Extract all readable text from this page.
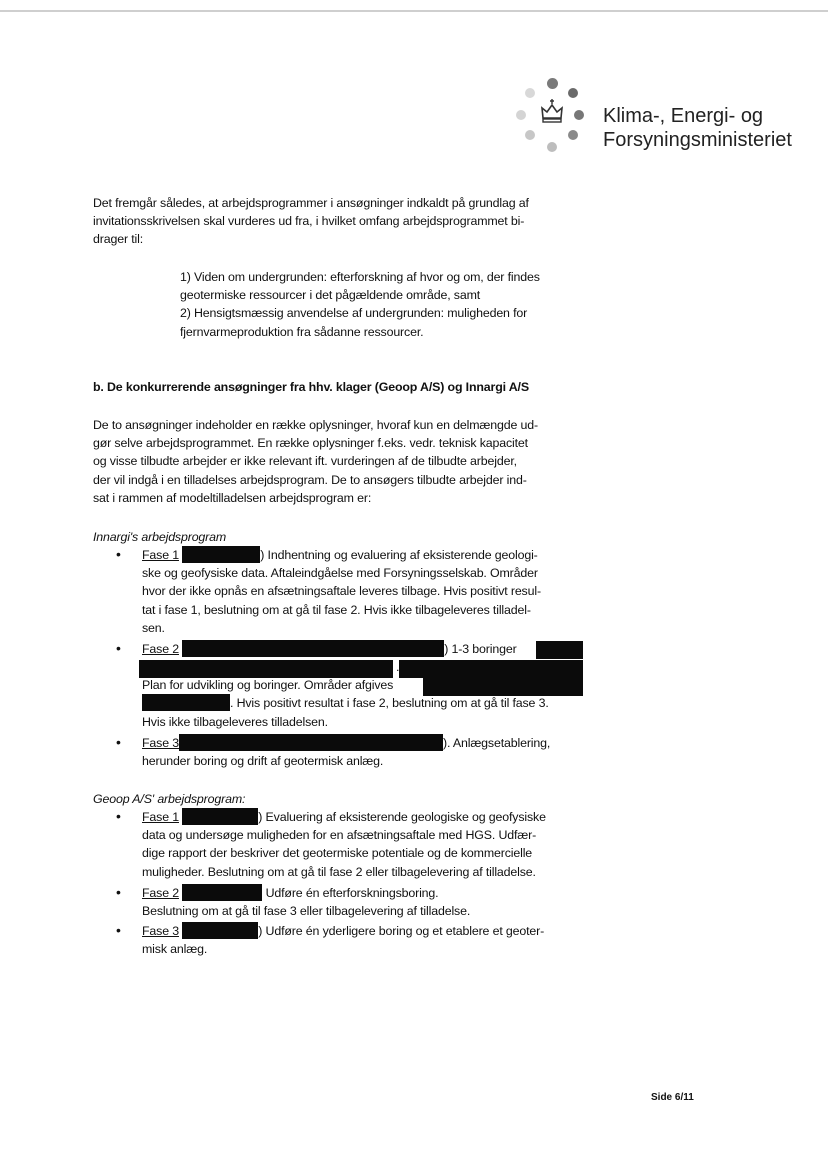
Klima-, Energi- og
Forsyningsministeriet
Det fremgår således, at arbejdsprogrammer i ansøgninger indkaldt på grundlag af
invitationsskrivelsen skal vurderes ud fra, i hvilket omfang arbejdsprogrammet bi-
drager til:
1) Viden om undergrunden: efterforskning af hvor og om, der findes
geotermiske ressourcer i det pågældende område, samt
2) Hensigtsmæssig anvendelse af undergrunden: muligheden for
fjernvarmeproduktion fra sådanne ressourcer.
b. De konkurrerende ansøgninger fra hhv. klager (Geoop A/S) og Innargi A/S
De to ansøgninger indeholder en række oplysninger, hvoraf kun en delmængde ud-
gør selve arbejdsprogrammet. En række oplysninger f.eks. vedr. teknisk kapacitet
og visse tilbudte arbejder er ikke relevant ift. vurderingen af de tilbudte arbejder,
der vil indgå i en tilladelses arbejdsprogram. De to ansøgers tilbudte arbejder ind-
sat i rammen af modeltilladelsen arbejdsprogram er:
Innargi's arbejdsprogram
• Fase 1	) Indhentning og evaluering af eksisterende geologi-
ske og geofysiske data. Aftaleindgåelse med Forsyningsselskab. Områder
hvor der ikke opnås en afsætningsaftale leveres tilbage. Hvis positivt resul-
tat i fase 1, beslutning om at gå til fase 2. Hvis ikke tilbageleveres tilladel-
sen.
• Fase 2	) 1-3 boringer
.
Plan for udvikling og boringer. Områder afgives
. Hvis positivt resultat i fase 2, beslutning om at gå til fase 3.
Hvis ikke tilbageleveres tilladelsen.
• Fase 3	). Anlægsetablering,
herunder boring og drift af geotermisk anlæg.
Geoop A/S' arbejdsprogram:
• Fase 1	) Evaluering af eksisterende geologiske og geofysiske
data og undersøge muligheden for en afsætningsaftale med HGS. Udfær-
dige rapport der beskriver det geotermiske potentiale og de kommercielle
muligheder. Beslutning om at gå til fase 2 eller tilbagelevering af tilladelse.
• Fase 2	Udføre én efterforskningsboring.
Beslutning om at gå til fase 3 eller tilbagelevering af tilladelse.
• Fase 3	) Udføre én yderligere boring og et etablere et geoter-
misk anlæg.
Side 6/11
